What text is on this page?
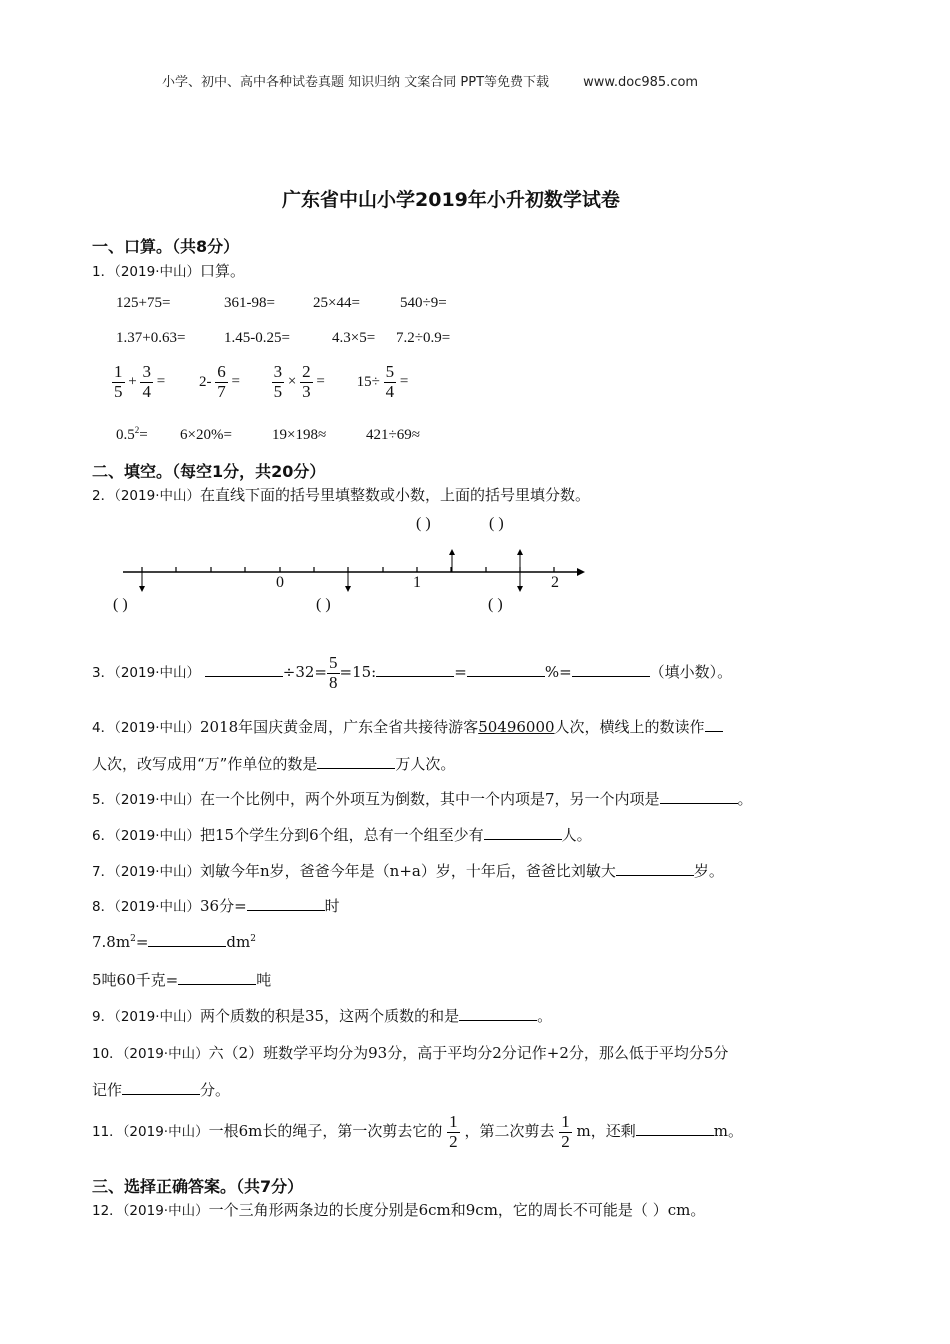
小学、初中、高中各种试卷真题 知识归纳 文案合同 PPT等免费下载	www.doc985.com
广东省中山小学2019年小升初数学试卷
一、口算。（共8分）
1．（2019·中山）口算。
125+75=	361-98=	25×44=	540÷9=
1.37+0.63=	1.45-0.25=	4.3×5= 7.2÷0.9=
$\frac{1}{5} + \frac{3}{4} = 2- \frac{6}{7} = \frac{3}{5} \times \frac{2}{3} = 15\div \frac{5}{4}$ =
$0.5^2= 6\times 20\%=$	19×198≈	421÷69≈
二、填空。（每空1分，共20分）
2．（2019·中山）在直线下面的括号里填整数或小数，上面的括号里填分数。
( )	( )
0	1	2
( )	( )	( )
3．（2019·中山）	$\div 32= \frac{5}{8} =15$:	=	%=	（填小数）。
4．（2019·中山）2018年国庆黄金周，广东全省共接待游客50496000人次，横线上的数读作
人次，改写成用“万”作单位的数是	万人次。
5．（2019·中山）在一个比例中，两个外项互为倒数，其中一个内项是7，另一个内项是	。
6．（2019·中山）把15个学生分到6个组，总有一个组至少有	人。
7．（2019·中山）刘敏今年n岁，爸爸今年是（n+a）岁，十年后，爸爸比刘敏大	岁。
8．（2019·中山）36分=	时
$7.8m^2=$	$dm^2$
5吨60千克=	吨
9．（2019·中山）两个质数的积是35，这两个质数的和是	。
10．（2019·中山）六（2）班数学平均分为93分，高于平均分2分记作+2分，那么低于平均分5分
记作	分。
11．（2019·中山）一根6m长的绳子，第一次剪去它的 $\frac{1}{2}$ ，第二次剪去 $\frac{1}{2}$ m，还剩	m。
三、选择正确答案。（共7分）
12．（2019·中山）一个三角形两条边的长度分别是6cm和9cm，它的周长不可能是（ ）cm。
